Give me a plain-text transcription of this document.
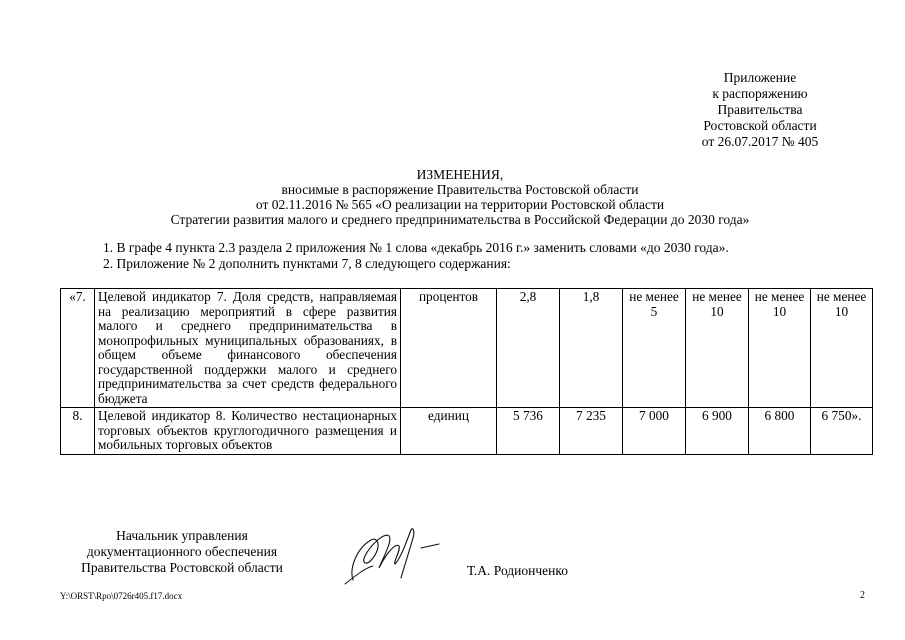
Приложение
к распоряжению
Правительства
Ростовской области
от 26.07.2017 № 405
ИЗМЕНЕНИЯ,
вносимые в распоряжение Правительства Ростовской области
от 02.11.2016 № 565 «О реализации на территории Ростовской области
Стратегии развития малого и среднего предпринимательства в Российской Федерации до 2030 года»
1. В графе 4 пункта 2.3 раздела 2 приложения № 1 слова «декабрь 2016 г.» заменить словами «до 2030 года».
2. Приложение № 2 дополнить пунктами 7, 8 следующего содержания:
«7.	Целевой индикатор 7. Доля средств, направляемая на реализацию мероприятий в сфере развития малого и среднего предпринимательства в монопрофильных муниципальных образованиях, в общем объеме финансового обеспечения государственной поддержки малого и среднего предпринимательства за счет средств федерального бюджета	процентов	2,8	1,8	не менее 5	не менее 10	не менее 10	не менее 10
8.	Целевой индикатор 8. Количество нестационарных торговых объектов круглогодичного размещения и мобильных торговых объектов	единиц	5 736	7 235	7 000	6 900	6 800	6 750».
Начальник управления
документационного обеспечения
Правительства Ростовской области	Т.А. Родионченко
Y:\ORST\Rpo\0726r405.f17.docx	2
